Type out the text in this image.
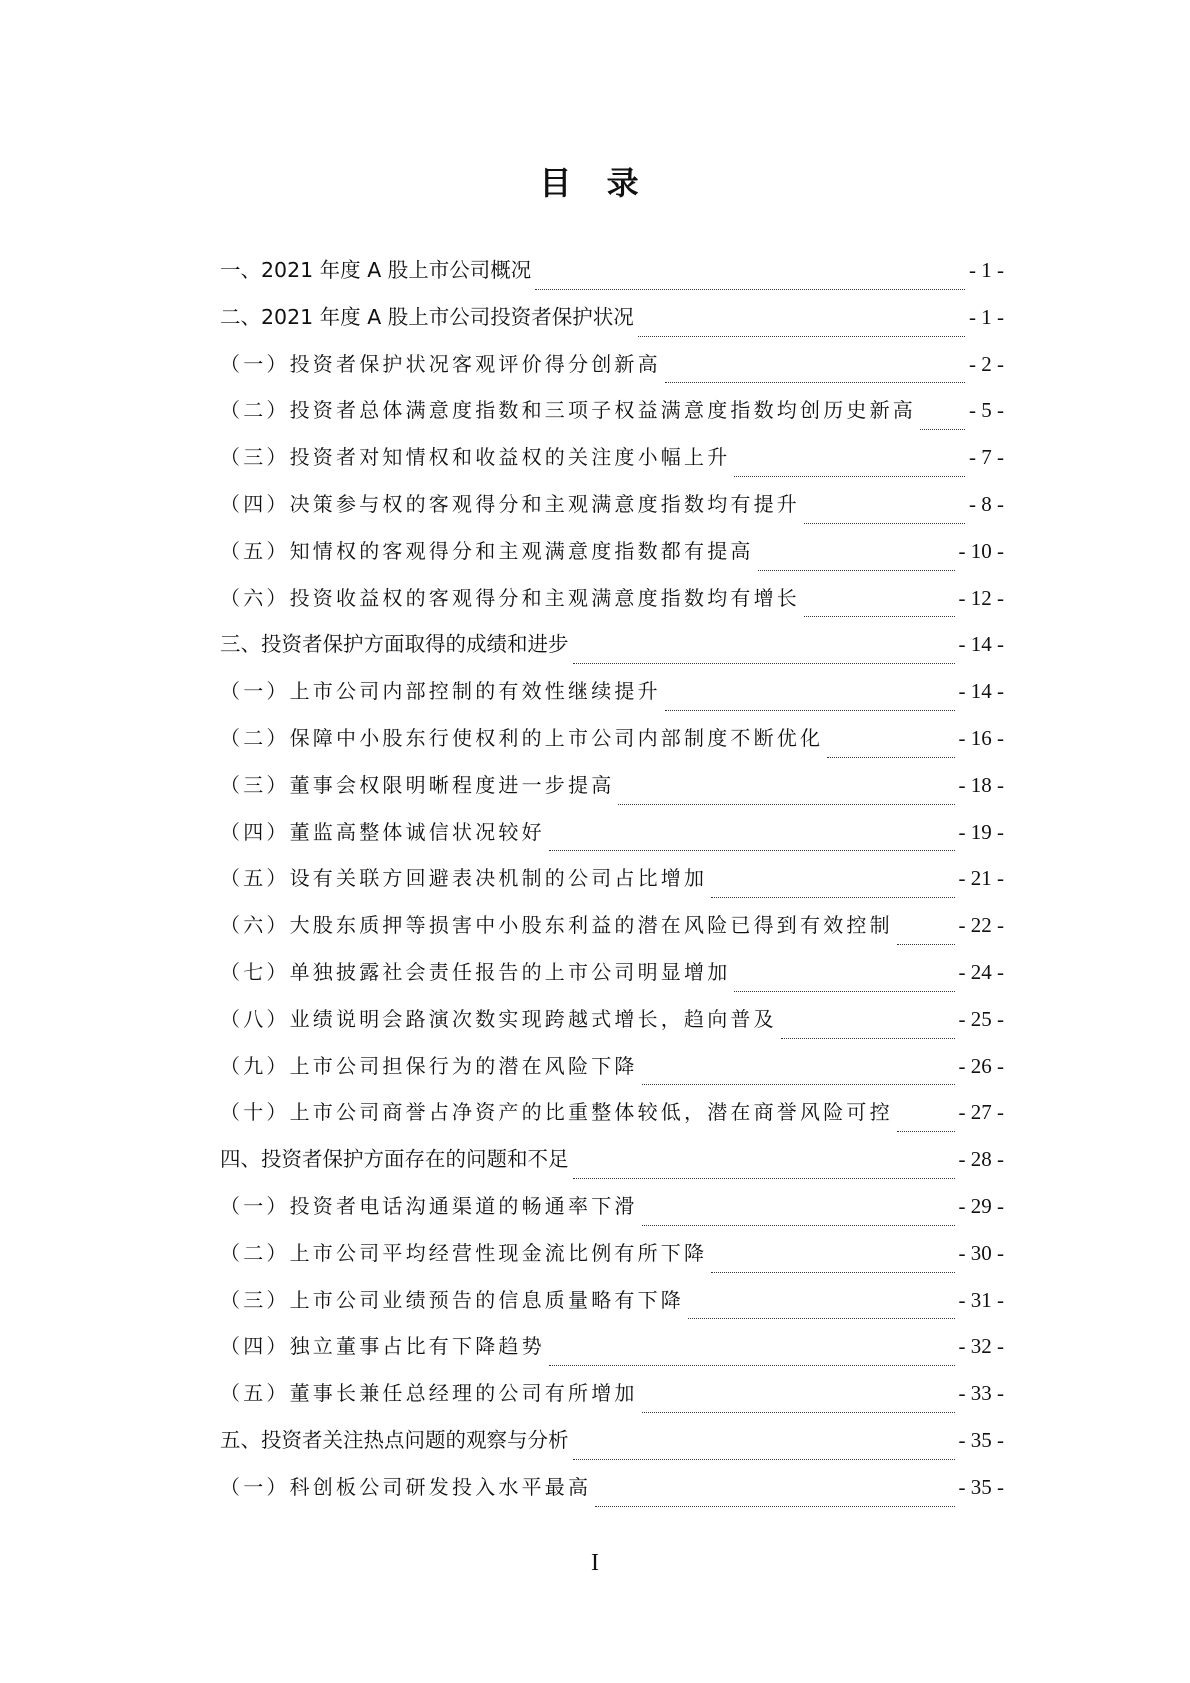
目 录
一、2021 年度 A 股上市公司概况	- 1 -
二、2021 年度 A 股上市公司投资者保护状况	- 1 -
（一）投资者保护状况客观评价得分创新高	- 2 -
（二）投资者总体满意度指数和三项子权益满意度指数均创历史新高	- 5 -
（三）投资者对知情权和收益权的关注度小幅上升	- 7 -
（四）决策参与权的客观得分和主观满意度指数均有提升	- 8 -
（五）知情权的客观得分和主观满意度指数都有提高	- 10 -
（六）投资收益权的客观得分和主观满意度指数均有增长	- 12 -
三、投资者保护方面取得的成绩和进步	- 14 -
（一）上市公司内部控制的有效性继续提升	- 14 -
（二）保障中小股东行使权利的上市公司内部制度不断优化	- 16 -
（三）董事会权限明晰程度进一步提高	- 18 -
（四）董监高整体诚信状况较好	- 19 -
（五）设有关联方回避表决机制的公司占比增加	- 21 -
（六）大股东质押等损害中小股东利益的潜在风险已得到有效控制	- 22 -
（七）单独披露社会责任报告的上市公司明显增加	- 24 -
（八）业绩说明会路演次数实现跨越式增长，趋向普及	- 25 -
（九）上市公司担保行为的潜在风险下降	- 26 -
（十）上市公司商誉占净资产的比重整体较低，潜在商誉风险可控	- 27 -
四、投资者保护方面存在的问题和不足	- 28 -
（一）投资者电话沟通渠道的畅通率下滑	- 29 -
（二）上市公司平均经营性现金流比例有所下降	- 30 -
（三）上市公司业绩预告的信息质量略有下降	- 31 -
（四）独立董事占比有下降趋势	- 32 -
（五）董事长兼任总经理的公司有所增加	- 33 -
五、投资者关注热点问题的观察与分析	- 35 -
（一）科创板公司研发投入水平最高	- 35 -
I
